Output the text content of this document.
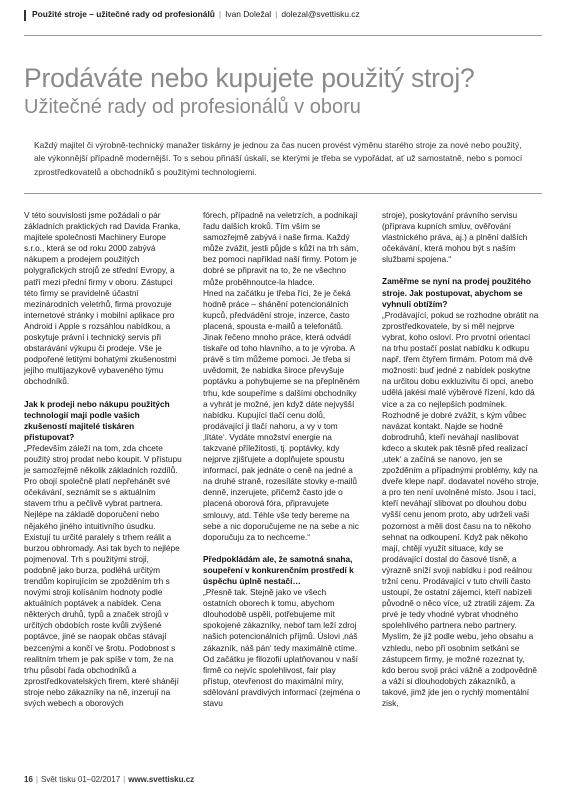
Použité stroje – užitečné rady od profesionálů | Ivan Doležal | dolezal@svettisku.cz
Prodáváte nebo kupujete použitý stroj?
Užitečné rady od profesionálů v oboru

Každý majitel či výrobně-technický manažer tiskárny je jednou za čas nucen provést výměnu starého stroje za nové nebo použitý, ale výkonnější případně modernější. To s sebou přináší úskalí, se kterými je třeba se vypořádat, ať už samostatně, nebo s pomocí zprostředkovatelů a obchodníků s použitými technologiemi.

V této souvislosti jsme požádali o pár základních praktických rad Davida Franka, majitele společnosti Machinery Europe s.r.o., která se od roku 2000 zabývá nákupem a prodejem použitých polygrafických strojů ze střední Evropy, a patří mezi přední firmy v oboru. Zástupci této firmy se pravidelně účastní mezinárodních veletrhů, firma provozuje internetové stránky i mobilní aplikace pro Android i Apple s rozsáhlou nabídkou, a poskytuje právní i technický servis při obstarávání výkupu či prodeje. Vše je podpořené letitými bohatými zkušenostmi jejího multijazykově vybaveného týmu obchodníků.

Jak k prodeji nebo nákupu použitých technologií mají podle vašich zkušeností majitelé tiskáren přistupovat?

„Především záleží na tom, zda chcete použitý stroj prodat nebo koupit. V přístupu je samozřejmě několik základních rozdílů. Pro obojí společně platí nepřehánět své očekávání, seznámit se s aktuálním stavem trhu a pečlivě vybrat partnera. Nejlépe na základě doporučení nebo nějakého jiného intuitivního úsudku. Existují tu určité paralely s trhem reálit a burzou obhromady. Asi tak bych to nejlépe pojmenoval. Trh s použitými stroji, podobně jako burza, podléhá určitým trendům kopírujícím se zpožděním trh s novými stroji kolísáním hodnoty podle aktuálních poptávek a nabídek. Cena některých druhů, typů a značek strojů v určitých obdobích roste kvůli zvýšené poptávce, jiné se naopak občas stávají bezcenými a končí ve šrotu. Podobnost s realitním trhem je pak spíše v tom, že na trhu působí řada obchodníků a zprostředkovatelských firem, které shánějí stroje nebo zákazníky na ně, inzerují na svých webech a oborových

fórech, případně na veletrzích, a podnikají řadu dalších kroků. Tím vším se samozřejmě zabývá i naše firma. Každý může zvážit, jestli půjde s kůží na trh sám, bez pomoci například naší firmy. Potom je dobré se připravit na to, že ne všechno může proběhnoutce-la hladce.

Hned na začátku je třeba říci, že je čeká hodně práce – shánění potencionálních kupců, předvádění stroje, inzerce, často placená, spousta e-mailů a telefonátů. Jinak řečeno mnoho práce, která odvádí tiskaře od toho hlavního, a to je výroba. A právě s tím můžeme pomoci. Je třeba si uvědomit, že nabídka široce převyšuje poptávku a pohybujeme se na přeplněném trhu, kde soupeříme s dalšími obchodníky a vyhrát je možné, jen když dáte nejvyšší nabídku. Kupující tlačí cenu dolů, prodávající ji tlačí nahoru, a vy v tom ‚lítáte‘. Vydáte množství energie na takzvané příležitosti, tj. poptávky, kdy nejprve zjišťujete a doplňujete spoustu informací, pak jednáte o ceně na jedné a na druhé straně, rozesíláte stovky e-mailů denně, inzerujete, přičemž často jde o placená oborová fóra, připravujete smlouvy, atd. Téhle vše tedy bereme na sebe a nic doporučujeme ne na sebe a nic doporučuju za to nechceme.“

Předpokládám ale, že samotná snaha, soupeření v konkurenčním prostředí k úspěchu úplně nestačí…

„Přesně tak. Stejně jako ve všech ostatních oborech k tomu, abychom dlouhodobě uspěli, potřebujeme mít spokojené zákazníky, nebof tam leží zdroj našich potencionálních příjmů. Úslovi ‚náš zákazník, náš pán‘ tedy maximálně ctíme. Od začátku je filozofii uplatňovanou v naší firmě co nejvíc spolehlivost, fair play přístup, otevřenost do maximální míry, sdělování pravdivých informací (zejména o stavu

stroje), poskytování právního servisu (příprava kupních smluv, ověřování vlastnického práva, aj.) a plnění dalších očekávání, která mohou být s naším službami spojena.“

Zaměřme se nyní na prodej použitého stroje. Jak postupovat, abychom se vyhnuli obtížím?

„Prodávající, pokud se rozhodne obrátit na zprostředkovatele, by si měl nejprve vybrat, koho osloví. Pro prvotní orientaci na trhu postačí poslat nabídku k odkupu např. třem čtyřem firmám. Potom má dvě možnosti: buď jedné z nabídek poskytne na určitou dobu exkluzivitu či opci, anebo udělá jakési malé výběrové řízení, kdo dá více a za co nejlepších podmínek. Rozhodně je dobré zvážit, s kým vůbec navázat kontakt. Najde se hodně dobrodruhů, kteří neváhají naslibovat kdeco a skutek pak těsně před realizací ‚utek‘ a začíná se nanovo, jen se zpožděním a případnými problémy, kdy na dveře klepe např. dodavatel nového stroje, a pro ten není uvolněné místo. Jsou i tací, kteří neváhají slibovat po dlouhou dobu vyšší cenu jenom proto, aby udrželi vaši pozornost a měli dost času na to někoho sehnat na odkoupení. Když pak někoho mají, chtějí využít situace, kdy se prodávající dostal do časové tísně, a výrazně sníží svoji nabídku i pod reálnou tržní cenu. Prodávající v tuto chvíli často ustoupí, že ostatní zájemci, kteří nabízeli původně o něco více, už ztratili zájem. Za prvé je tedy vhodné vybrat vhodného spolehlivého partnera nebo partnery. Myslím, že již podle webu, jeho obsahu a vzhledu, nebo při osobním setkání se zástupcem firmy, je možné rozeznat ty, kdo berou svoji práci vážně a zodpovědně a váží si dlouhodobých zákazníků, a takové, jimž jde jen o rychlý momentální zisk,

16 | Svět tisku 01–02/2017 | www.svettisku.cz
